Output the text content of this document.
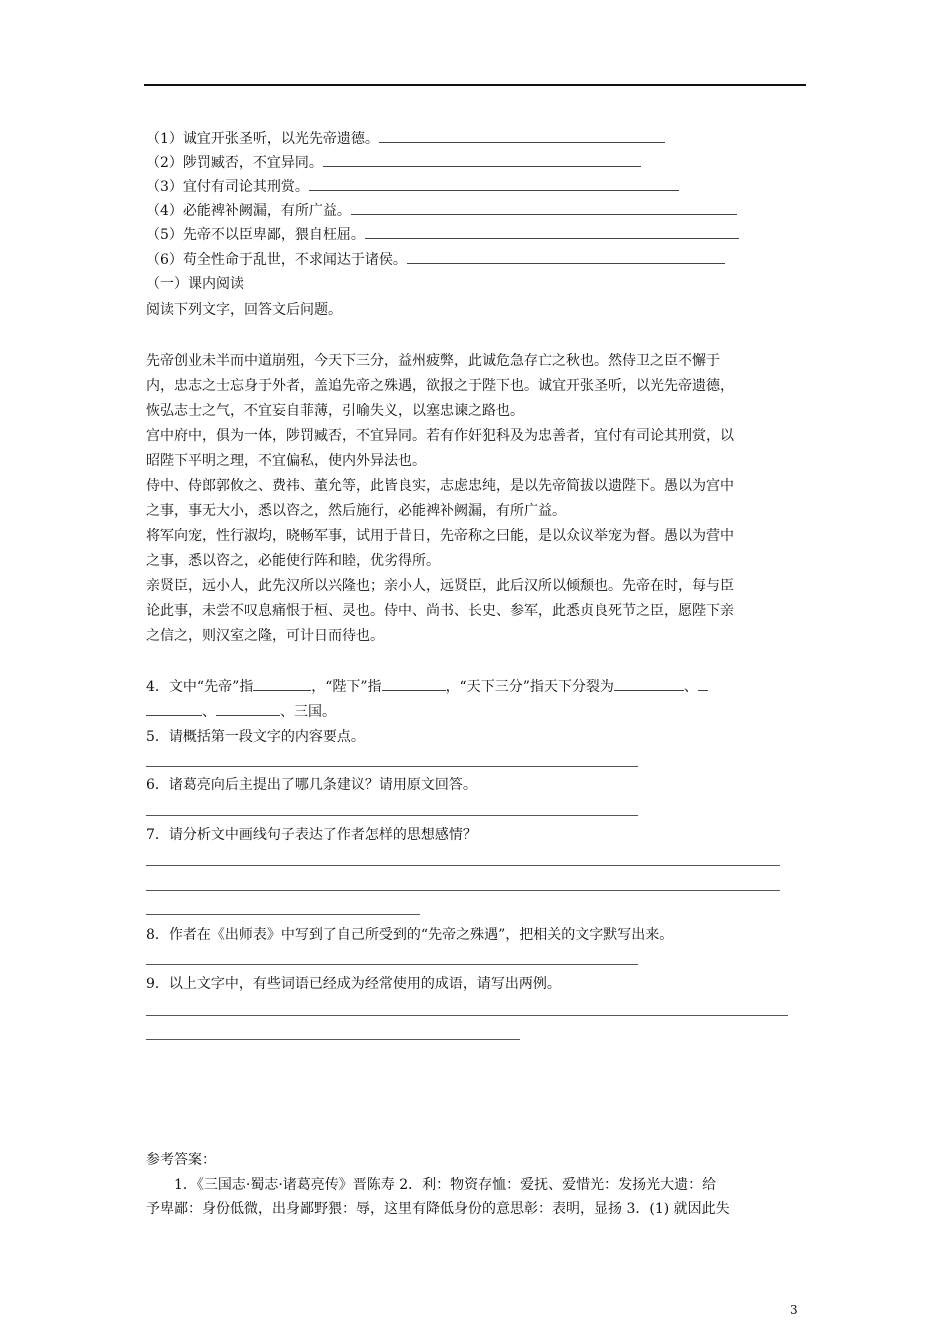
（1）诚宜开张圣听，以光先帝遗德。
（2）陟罚臧否，不宜异同。
（3）宜付有司论其刑赏。
（4）必能裨补阙漏，有所广益。
（5）先帝不以臣卑鄙，猥自枉屈。
（6）苟全性命于乱世，不求闻达于诸侯。
（一）课内阅读
阅读下列文字，回答文后问题。
先帝创业未半而中道崩殂，今天下三分，益州疲弊，此诚危急存亡之秋也。然侍卫之臣不懈于
内，忠志之士忘身于外者，盖追先帝之殊遇，欲报之于陛下也。诚宜开张圣听，以光先帝遗德，
恢弘志士之气，不宜妄自菲薄，引喻失义，以塞忠谏之路也。
宫中府中，俱为一体，陟罚臧否，不宜异同。若有作奸犯科及为忠善者，宜付有司论其刑赏，以
昭陛下平明之理，不宜偏私，使内外异法也。
侍中、侍郎郭攸之、费祎、董允等，此皆良实，志虑忠纯，是以先帝简拔以遗陛下。愚以为宫中
之事，事无大小，悉以咨之，然后施行，必能裨补阙漏，有所广益。
将军向宠，性行淑均，晓畅军事，试用于昔日，先帝称之曰能，是以众议举宠为督。愚以为营中
之事，悉以咨之，必能使行阵和睦，优劣得所。
亲贤臣，远小人，此先汉所以兴隆也；亲小人，远贤臣，此后汉所以倾颓也。先帝在时，每与臣
论此事，未尝不叹息痛恨于桓、灵也。侍中、尚书、长史、参军，此悉贞良死节之臣，愿陛下亲
之信之，则汉室之隆，可计日而待也。
4．文中“先帝”指	，“陛下”指	，“天下三分”指天下分裂为	、
、	、三国。
5．请概括第一段文字的内容要点。
6．诸葛亮向后主提出了哪几条建议？请用原文回答。
7．请分析文中画线句子表达了作者怎样的思想感情？
8．作者在《出师表》中写到了自己所受到的“先帝之殊遇”，把相关的文字默写出来。
9．以上文字中，有些词语已经成为经常使用的成语，请写出两例。
参考答案：
1．《三国志·蜀志·诸葛亮传》晋陈寿 2．利：物资存恤：爱抚、爱惜光：发扬光大遗：给
予卑鄙：身份低微，出身鄙野猥：辱，这里有降低身份的意思彰：表明，显扬 3．(1) 就因此失
3
